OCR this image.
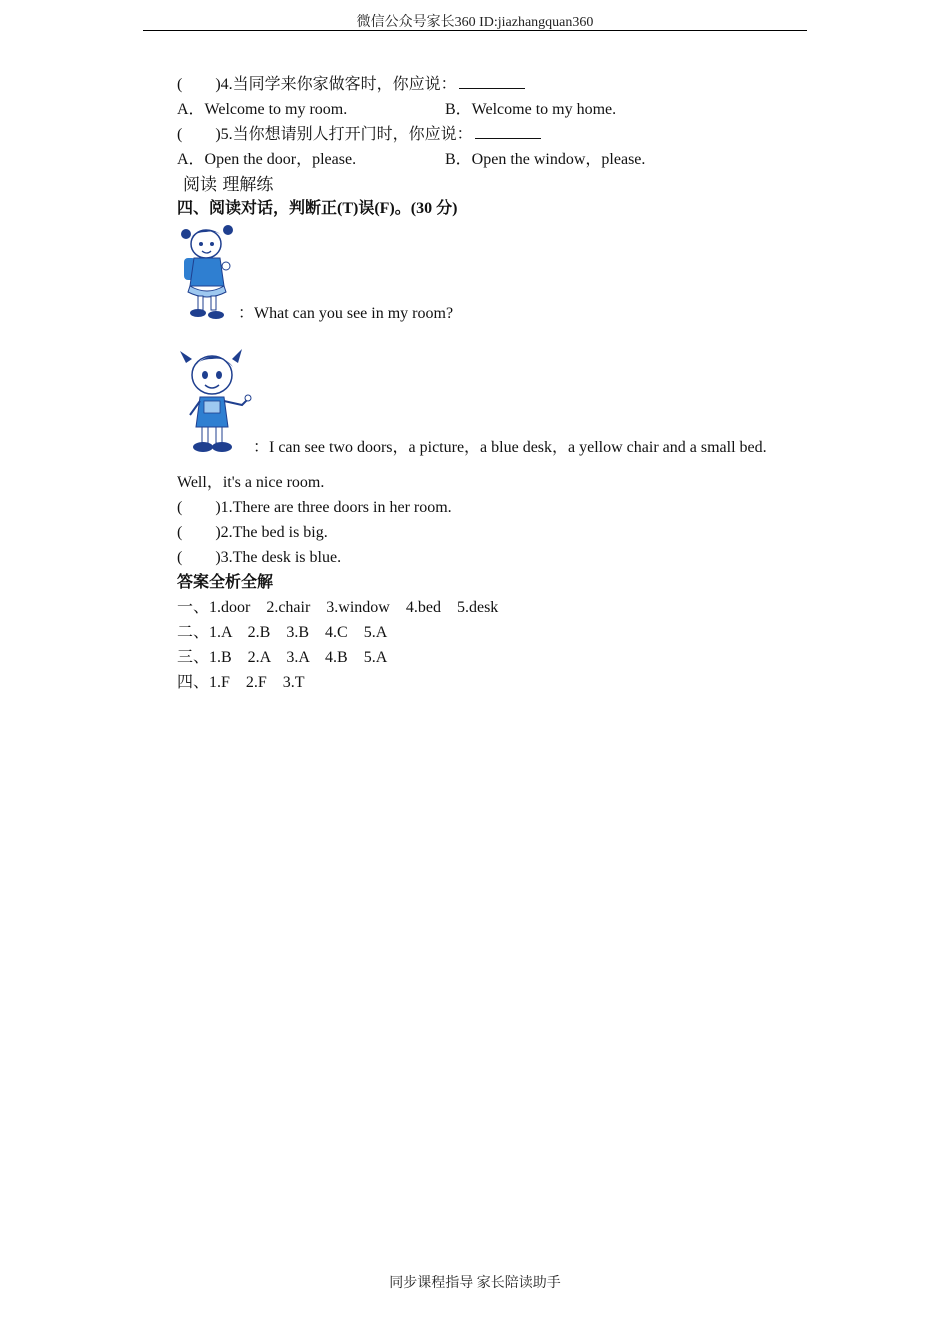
微信公众号家长360 ID:jiazhangquan360
( )4.当同学来你家做客时，你应说：
A．Welcome to my room.	B．Welcome to my home.
( )5.当你想请别人打开门时，你应说：
A．Open the door，please.	B．Open the window，please.
阅读 理解练
四、阅读对话，判断正(T)误(F)。(30 分)
：What can you see in my room?
：I can see two doors，a picture，a blue desk，a yellow chair and a small bed.
Well，it's a nice room.
( )1.There are three doors in her room.
( )2.The bed is big.
( )3.The desk is blue.
答案全析全解
一、1.door　2.chair　3.window　4.bed　5.desk
二、1.A　2.B　3.B　4.C　5.A
三、1.B　2.A　3.A　4.B　5.A
四、1.F　2.F　3.T
同步课程指导 家长陪读助手
